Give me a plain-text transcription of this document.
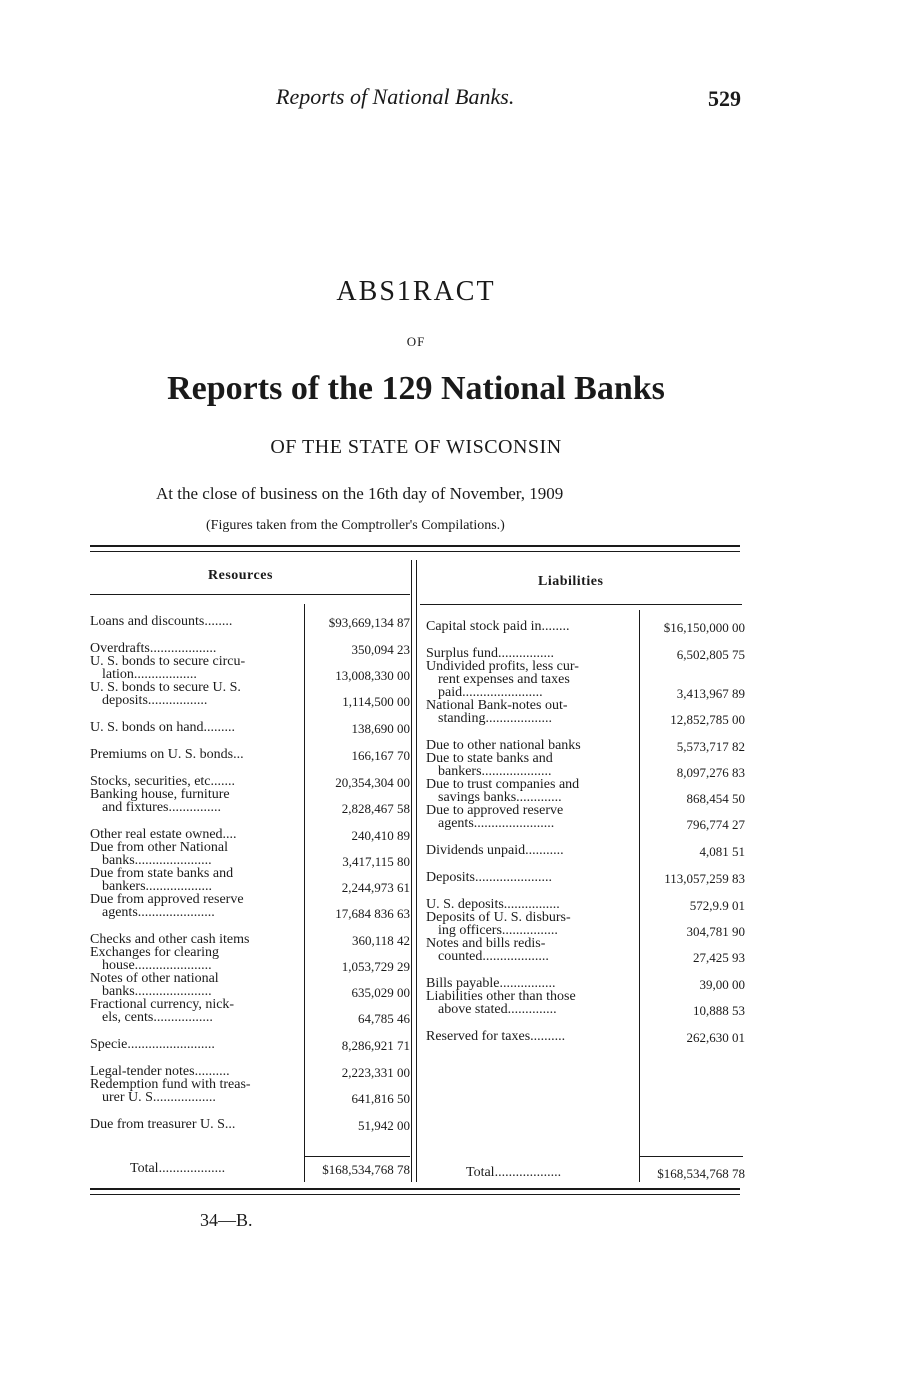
Reports of National Banks.	529
ABS1RACT
OF
Reports of the 129 National Banks
OF THE STATE OF WISCONSIN
At the close of business on the 16th day of November, 1909
(Figures taken from the Comptroller's Compilations.)
Resources	Liabilities
Loans and discounts........	$93,669,134 87
Overdrafts...................	350,094 23
U. S. bonds to secure circu-
lation..................	13,008,330 00
U. S. bonds to secure U. S.
deposits.................	1,114,500 00
U. S. bonds on hand.........	138,690 00
Premiums on U. S. bonds...	166,167 70
Stocks, securities, etc.......	20,354,304 00
Banking house, furniture
and fixtures...............	2,828,467 58
Other real estate owned....	240,410 89
Due from other National
banks......................	3,417,115 80
Due from state banks and
bankers...................	2,244,973 61
Due from approved reserve
agents......................	17,684 836 63
Checks and other cash items	360,118 42
Exchanges for clearing
house......................	1,053,729 29
Notes of other national
banks......................	635,029 00
Fractional currency, nick-
els, cents.................	64,785 46
Specie.........................	8,286,921 71
Legal-tender notes..........	2,223,331 00
Redemption fund with treas-
urer U. S..................	641,816 50
Due from treasurer U. S...	51,942 00
Capital stock paid in........	$16,150,000 00
Surplus fund................	6,502,805 75
Undivided profits, less cur-
rent expenses and taxes
paid.......................	3,413,967 89
National Bank-notes out-
standing...................	12,852,785 00
Due to other national banks	5,573,717 82
Due to state banks and
bankers....................	8,097,276 83
Due to trust companies and
savings banks.............	868,454 50
Due to approved reserve
agents.......................	796,774 27
Dividends unpaid...........	4,081 51
Deposits......................	113,057,259 83
U. S. deposits................	572,9.9 01
Deposits of U. S. disburs-
ing officers................	304,781 90
Notes and bills redis-
counted...................	27,425 93
Bills payable................	39,00 00
Liabilities other than those
above stated..............	10,888 53
Reserved for taxes..........	262,630 01
Total...................	$168,534,768 78	Total...................	$168,534,768 78
34—B.
